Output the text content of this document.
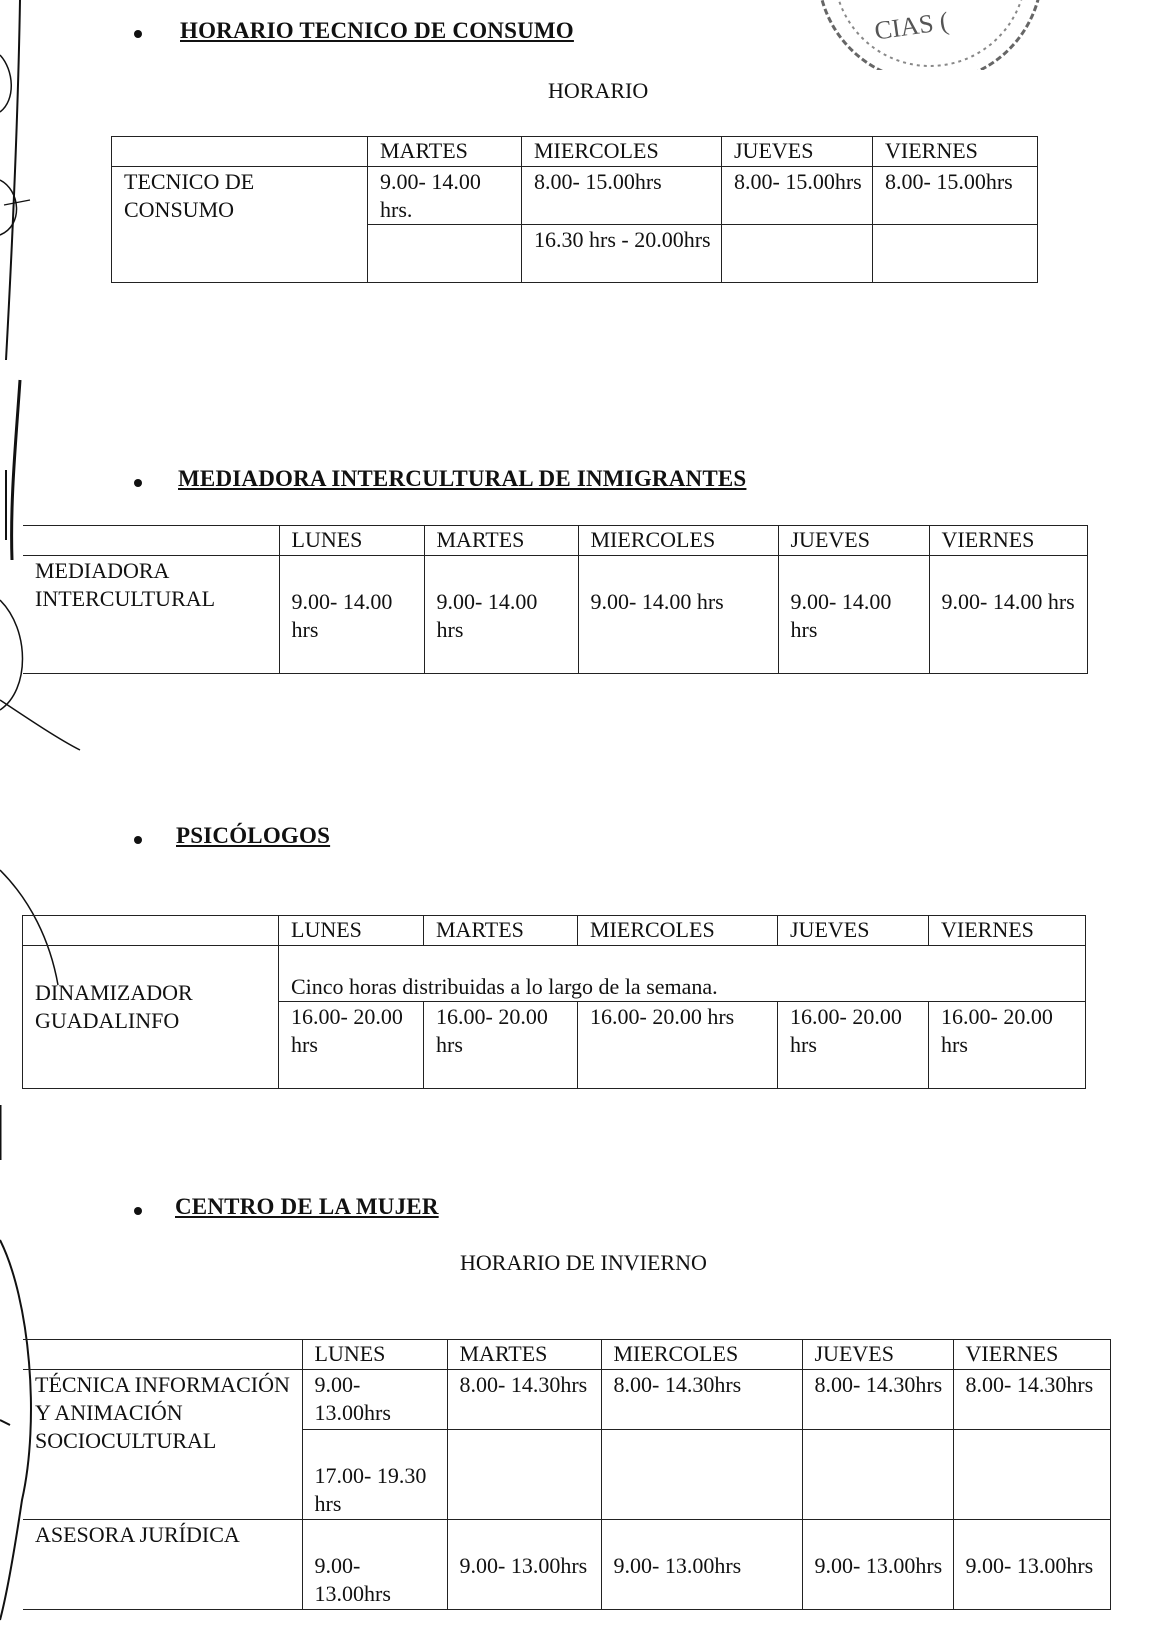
CIAS (
HORARIO TECNICO DE CONSUMO
HORARIO
	MARTES	MIERCOLES	JUEVES	VIERNES
TECNICO DE CONSUMO	9.00- 14.00 hrs.	8.00- 15.00hrs	8.00- 15.00hrs	8.00- 15.00hrs
		16.30 hrs - 20.00hrs		
MEDIADORA INTERCULTURAL DE INMIGRANTES
	LUNES	MARTES	MIERCOLES	JUEVES	VIERNES
MEDIADORA INTERCULTURAL	9.00- 14.00 hrs	9.00- 14.00 hrs	9.00- 14.00 hrs	9.00- 14.00 hrs	9.00- 14.00 hrs
PSICÓLOGOS
	LUNES	MARTES	MIERCOLES	JUEVES	VIERNES
DINAMIZADOR GUADALINFO	Cinco horas distribuidas a lo largo de la semana.				
	16.00- 20.00 hrs	16.00- 20.00 hrs	16.00- 20.00 hrs	16.00- 20.00 hrs	16.00- 20.00 hrs
CENTRO DE LA MUJER
HORARIO DE INVIERNO
	LUNES	MARTES	MIERCOLES	JUEVES	VIERNES
TÉCNICA INFORMACIÓN Y ANIMACIÓN SOCIOCULTURAL	9.00- 13.00hrs	8.00- 14.30hrs	8.00- 14.30hrs	8.00- 14.30hrs	8.00- 14.30hrs
	17.00- 19.30 hrs				
ASESORA JURÍDICA	9.00- 13.00hrs	9.00- 13.00hrs	9.00- 13.00hrs	9.00- 13.00hrs	9.00- 13.00hrs
